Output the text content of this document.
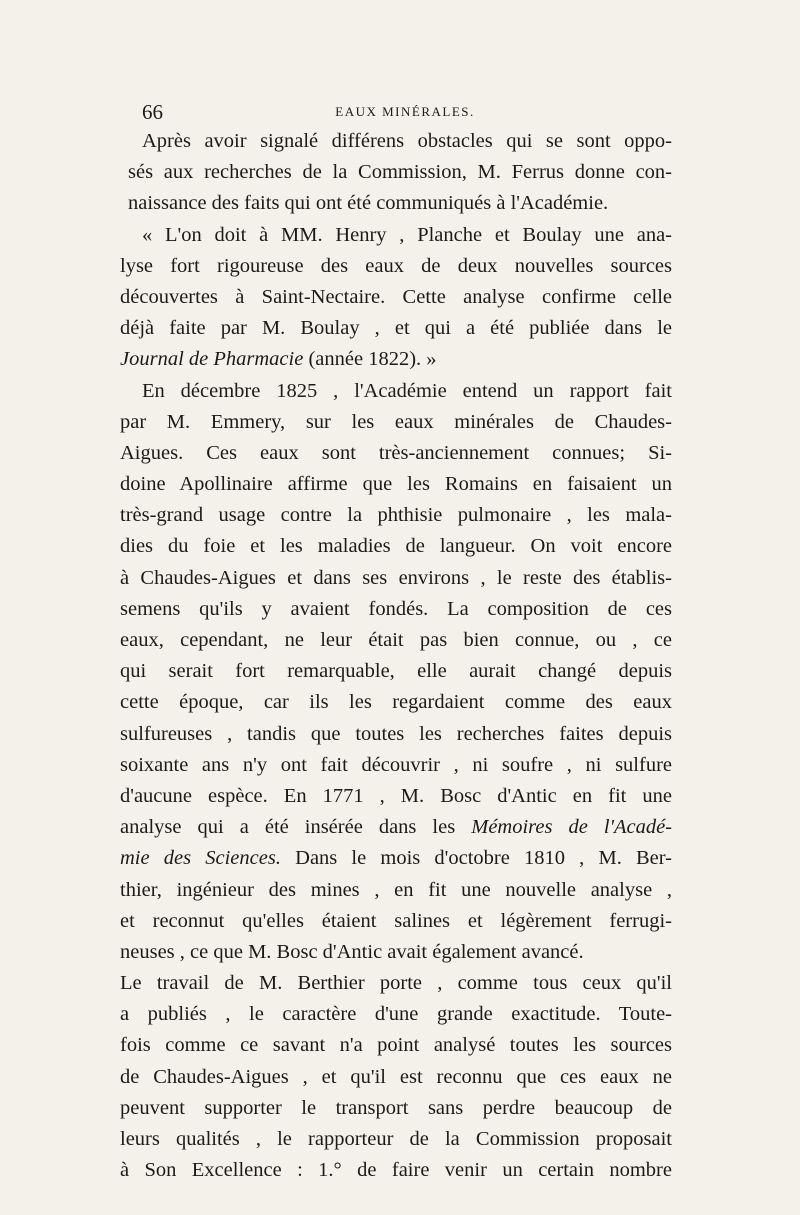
66	EAUX MINÉRALES.
Après avoir signalé différens obstacles qui se sont oppo-
sés aux recherches de la Commission, M. Ferrus donne con-
naissance des faits qui ont été communiqués à l'Académie.
« L'on doit à MM. Henry , Planche et Boulay une ana-
lyse fort rigoureuse des eaux de deux nouvelles sources
découvertes à Saint-Nectaire. Cette analyse confirme celle
déjà faite par M. Boulay , et qui a été publiée dans le
Journal de Pharmacie (année 1822). »
En décembre 1825 , l'Académie entend un rapport fait
par M. Emmery, sur les eaux minérales de Chaudes-
Aigues. Ces eaux sont très-anciennement connues; Si-
doine Apollinaire affirme que les Romains en faisaient un
très-grand usage contre la phthisie pulmonaire , les mala-
dies du foie et les maladies de langueur. On voit encore
à Chaudes-Aigues et dans ses environs , le reste des établis-
semens qu'ils y avaient fondés. La composition de ces
eaux, cependant, ne leur était pas bien connue, ou , ce
qui serait fort remarquable, elle aurait changé depuis
cette époque, car ils les regardaient comme des eaux
sulfureuses , tandis que toutes les recherches faites depuis
soixante ans n'y ont fait découvrir , ni soufre , ni sulfure
d'aucune espèce. En 1771 , M. Bosc d'Antic en fit une
analyse qui a été insérée dans les Mémoires de l'Acadé-
mie des Sciences. Dans le mois d'octobre 1810 , M. Ber-
thier, ingénieur des mines , en fit une nouvelle analyse ,
et reconnut qu'elles étaient salines et légèrement ferrugi-
neuses , ce que M. Bosc d'Antic avait également avancé.
Le travail de M. Berthier porte , comme tous ceux qu'il
a publiés , le caractère d'une grande exactitude. Toute-
fois comme ce savant n'a point analysé toutes les sources
de Chaudes-Aigues , et qu'il est reconnu que ces eaux ne
peuvent supporter le transport sans perdre beaucoup de
leurs qualités , le rapporteur de la Commission proposait
à Son Excellence : 1.° de faire venir un certain nombre
